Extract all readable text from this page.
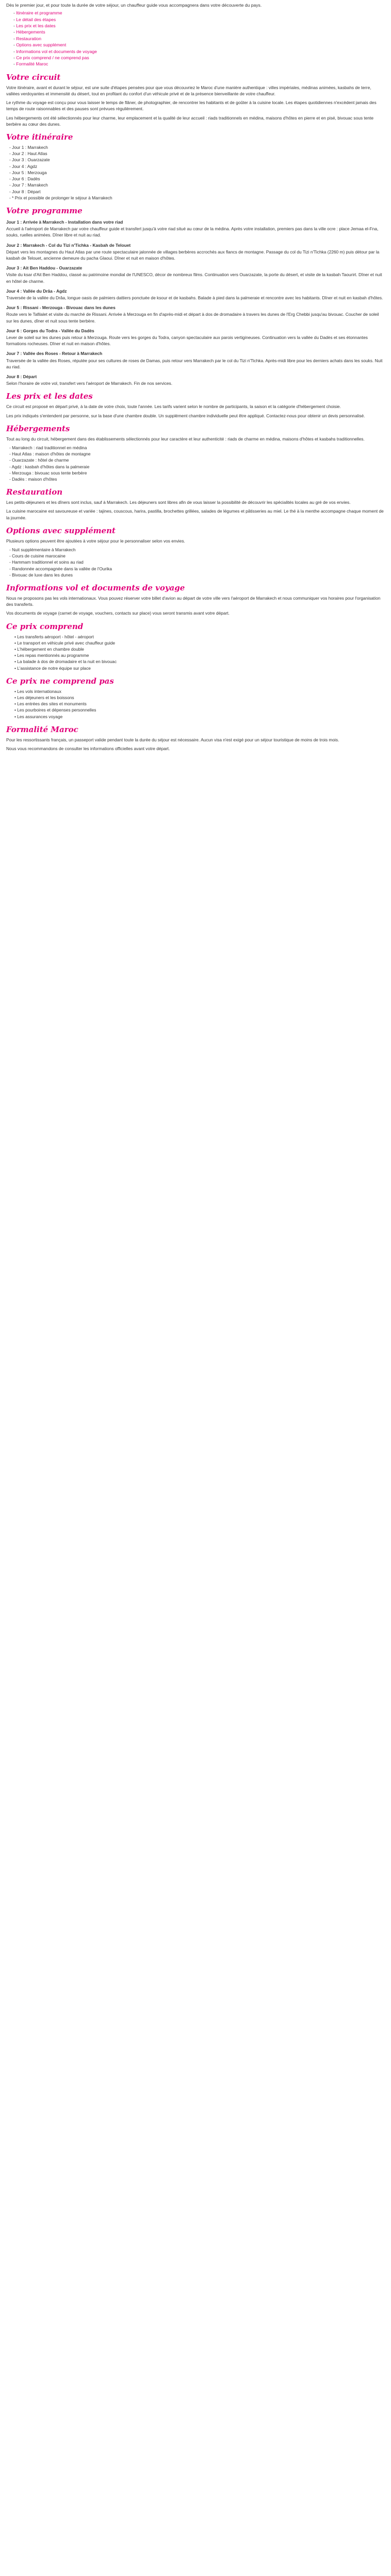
Dès le premier jour, et pour toute la durée de votre séjour, un chauffeur guide vous accompagnera dans votre découverte du pays.

- Itinéraire et programme
- Le détail des étapes
- Les prix et les dates
- Hébergements
- Restauration
- Options avec supplément
- Informations vol et documents de voyage
- Ce prix comprend / ne comprend pas
- Formalité Maroc
Votre circuit

Votre itinéraire, avant et durant le séjour, est une suite d'étapes pensées pour que vous découvriez le Maroc d'une manière authentique : villes impériales, médinas animées, kasbahs de terre, vallées verdoyantes et immensité du désert, tout en profitant du confort d'un véhicule privé et de la présence bienveillante de votre chauffeur.

Le rythme du voyage est conçu pour vous laisser le temps de flâner, de photographier, de rencontrer les habitants et de goûter à la cuisine locale. Les étapes quotidiennes n'excèdent jamais des temps de route raisonnables et des pauses sont prévues régulièrement.

Les hébergements ont été sélectionnés pour leur charme, leur emplacement et la qualité de leur accueil : riads traditionnels en médina, maisons d'hôtes en pierre et en pisé, bivouac sous tente berbère au cœur des dunes.

Votre itinéraire
- Jour 1 : Marrakech
- Jour 2 : Haut Atlas
- Jour 3 : Ouarzazate
- Jour 4 : Agdz
- Jour 5 : Merzouga
- Jour 6 : Dadès
- Jour 7 : Marrakech
- Jour 8 : Départ
- * Prix et possible de prolonger le séjour à Marrakech
Votre programme
Jour 1 : Arrivée à Marrakech - Installation dans votre riad

Accueil à l'aéroport de Marrakech par votre chauffeur guide et transfert jusqu'à votre riad situé au cœur de la médina. Après votre installation, premiers pas dans la ville ocre : place Jemaa el-Fna, souks, ruelles animées. Dîner libre et nuit au riad.

Jour 2 : Marrakech - Col du Tizi n'Tichka - Kasbah de Telouet

Départ vers les montagnes du Haut Atlas par une route spectaculaire jalonnée de villages berbères accrochés aux flancs de montagne. Passage du col du Tizi n'Tichka (2260 m) puis détour par la kasbah de Telouet, ancienne demeure du pacha Glaoui. Dîner et nuit en maison d'hôtes.

Jour 3 : Ait Ben Haddou - Ouarzazate

Visite du ksar d'Ait Ben Haddou, classé au patrimoine mondial de l'UNESCO, décor de nombreux films. Continuation vers Ouarzazate, la porte du désert, et visite de la kasbah Taourirt. Dîner et nuit en hôtel de charme.

Jour 4 : Vallée du Drâa - Agdz

Traversée de la vallée du Drâa, longue oasis de palmiers dattiers ponctuée de ksour et de kasbahs. Balade à pied dans la palmeraie et rencontre avec les habitants. Dîner et nuit en kasbah d'hôtes.

Jour 5 : Rissani - Merzouga - Bivouac dans les dunes

Route vers le Tafilalet et visite du marché de Rissani. Arrivée à Merzouga en fin d'après-midi et départ à dos de dromadaire à travers les dunes de l'Erg Chebbi jusqu'au bivouac. Coucher de soleil sur les dunes, dîner et nuit sous tente berbère.

Jour 6 : Gorges du Todra - Vallée du Dadès

Lever de soleil sur les dunes puis retour à Merzouga. Route vers les gorges du Todra, canyon spectaculaire aux parois vertigineuses. Continuation vers la vallée du Dadès et ses étonnantes formations rocheuses. Dîner et nuit en maison d'hôtes.

Jour 7 : Vallée des Roses - Retour à Marrakech

Traversée de la vallée des Roses, réputée pour ses cultures de roses de Damas, puis retour vers Marrakech par le col du Tizi n'Tichka. Après-midi libre pour les derniers achats dans les souks. Nuit au riad.

Jour 8 : Départ

Selon l'horaire de votre vol, transfert vers l'aéroport de Marrakech. Fin de nos services.

Les prix et les dates

Ce circuit est proposé en départ privé, à la date de votre choix, toute l'année. Les tarifs varient selon le nombre de participants, la saison et la catégorie d'hébergement choisie.

Les prix indiqués s'entendent par personne, sur la base d'une chambre double. Un supplément chambre individuelle peut être appliqué. Contactez-nous pour obtenir un devis personnalisé.

Hébergements

Tout au long du circuit, hébergement dans des établissements sélectionnés pour leur caractère et leur authenticité : riads de charme en médina, maisons d'hôtes et kasbahs traditionnelles.

- Marrakech : riad traditionnel en médina
- Haut Atlas : maison d'hôtes de montagne
- Ouarzazate : hôtel de charme
- Agdz : kasbah d'hôtes dans la palmeraie
- Merzouga : bivouac sous tente berbère
- Dadès : maison d'hôtes
Restauration

Les petits-déjeuners et les dîners sont inclus, sauf à Marrakech. Les déjeuners sont libres afin de vous laisser la possibilité de découvrir les spécialités locales au gré de vos envies.

La cuisine marocaine est savoureuse et variée : tajines, couscous, harira, pastilla, brochettes grillées, salades de légumes et pâtisseries au miel. Le thé à la menthe accompagne chaque moment de la journée.

Options avec supplément

Plusieurs options peuvent être ajoutées à votre séjour pour le personnaliser selon vos envies.

- Nuit supplémentaire à Marrakech
- Cours de cuisine marocaine
- Hammam traditionnel et soins au riad
- Randonnée accompagnée dans la vallée de l'Ourika
- Bivouac de luxe dans les dunes
Informations vol et documents de voyage

Nous ne proposons pas les vols internationaux. Vous pouvez réserver votre billet d'avion au départ de votre ville vers l'aéroport de Marrakech et nous communiquer vos horaires pour l'organisation des transferts.

Vos documents de voyage (carnet de voyage, vouchers, contacts sur place) vous seront transmis avant votre départ.

Ce prix comprend
• Les transferts aéroport - hôtel - aéroport
• Le transport en véhicule privé avec chauffeur guide
• L'hébergement en chambre double
• Les repas mentionnés au programme
• La balade à dos de dromadaire et la nuit en bivouac
• L'assistance de notre équipe sur place
Ce prix ne comprend pas
• Les vols internationaux
• Les déjeuners et les boissons
• Les entrées des sites et monuments
• Les pourboires et dépenses personnelles
• Les assurances voyage
Formalité Maroc

Pour les ressortissants français, un passeport valide pendant toute la durée du séjour est nécessaire. Aucun visa n'est exigé pour un séjour touristique de moins de trois mois.

Nous vous recommandons de consulter les informations officielles avant votre départ.
